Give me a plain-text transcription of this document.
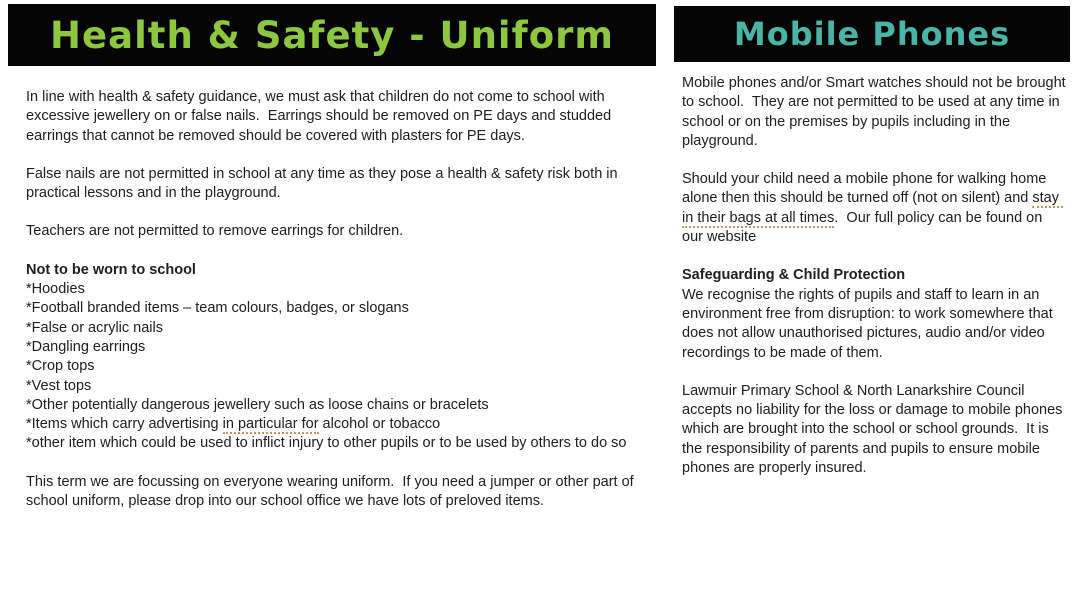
Health & Safety - Uniform

In line with health & safety guidance, we must ask that children do not come to school with excessive jewellery on or false nails.  Earrings should be removed on PE days and studded earrings that cannot be removed should be covered with plasters for PE days.

False nails are not permitted in school at any time as they pose a health & safety risk both in practical lessons and in the playground.

Teachers are not permitted to remove earrings for children.

Not to be worn to school

*Hoodies

*Football branded items – team colours, badges, or slogans

*False or acrylic nails

*Dangling earrings

*Crop tops

*Vest tops

*Other potentially dangerous jewellery such as loose chains or bracelets

*Items which carry advertising in particular for alcohol or tobacco

*other item which could be used to inflict injury to other pupils or to be used by others to do so

This term we are focussing on everyone wearing uniform.  If you need a jumper or other part of school uniform, please drop into our school office we have lots of preloved items.

Mobile Phones

Mobile phones and/or Smart watches should not be brought to school.  They are not permitted to be used at any time in school or on the premises by pupils including in the playground.

Should your child need a mobile phone for walking home alone then this should be turned off (not on silent) and stay in their bags at all times.  Our full policy can be found on our website

Safeguarding & Child Protection

We recognise the rights of pupils and staff to learn in an environment free from disruption: to work somewhere that does not allow unauthorised pictures, audio and/or video recordings to be made of them.

Lawmuir Primary School & North Lanarkshire Council accepts no liability for the loss or damage to mobile phones which are brought into the school or school grounds.  It is the responsibility of parents and pupils to ensure mobile phones are properly insured.
